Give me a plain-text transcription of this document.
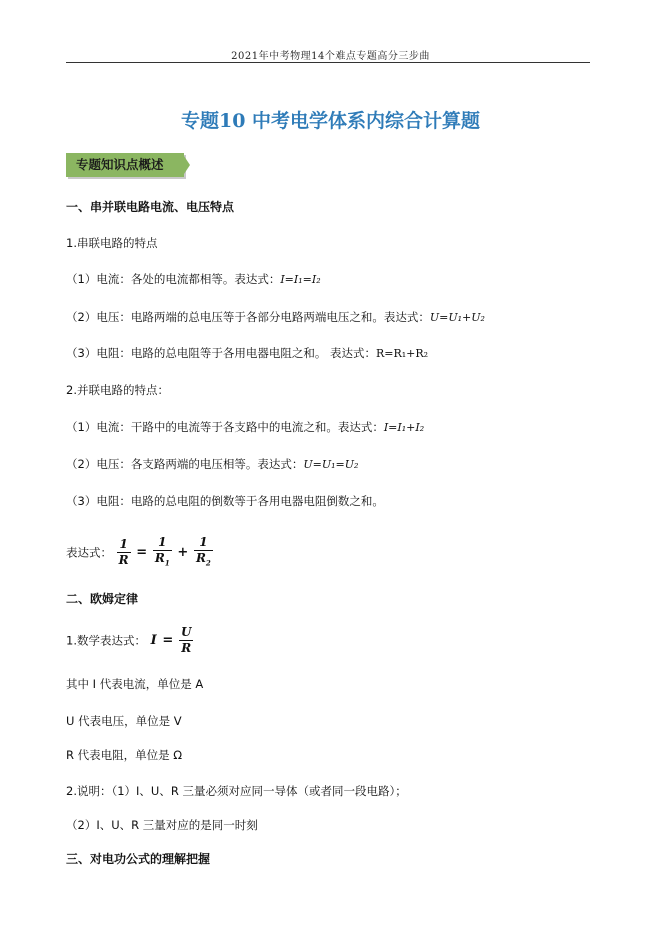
2021年中考物理14个难点专题高分三步曲
专题10 中考电学体系内综合计算题
专题知识点概述
一、串并联电路电流、电压特点
1.串联电路的特点
（1）电流：各处的电流都相等。表达式：I=I₁=I₂
（2）电压：电路两端的总电压等于各部分电路两端电压之和。表达式：U=U₁+U₂
（3）电阻：电路的总电阻等于各用电器电阻之和。 表达式：R=R₁+R₂
2.并联电路的特点：
（1）电流：干路中的电流等于各支路中的电流之和。表达式：I=I₁+I₂
（2）电压：各支路两端的电压相等。表达式：U=U₁=U₂
（3）电阻：电路的总电阻的倒数等于各用电器电阻倒数之和。
表达式： $\frac{1}{R} = \frac{1}{R_1} + \frac{1}{R_2}$
二、欧姆定律
1.数学表达式： $I = \frac{U}{R}$
其中 I 代表电流，单位是 A
U 代表电压，单位是 V
R 代表电阻，单位是 Ω
2.说明：（1）I、U、R 三量必须对应同一导体（或者同一段电路）；
（2）I、U、R 三量对应的是同一时刻
三、对电功公式的理解把握
